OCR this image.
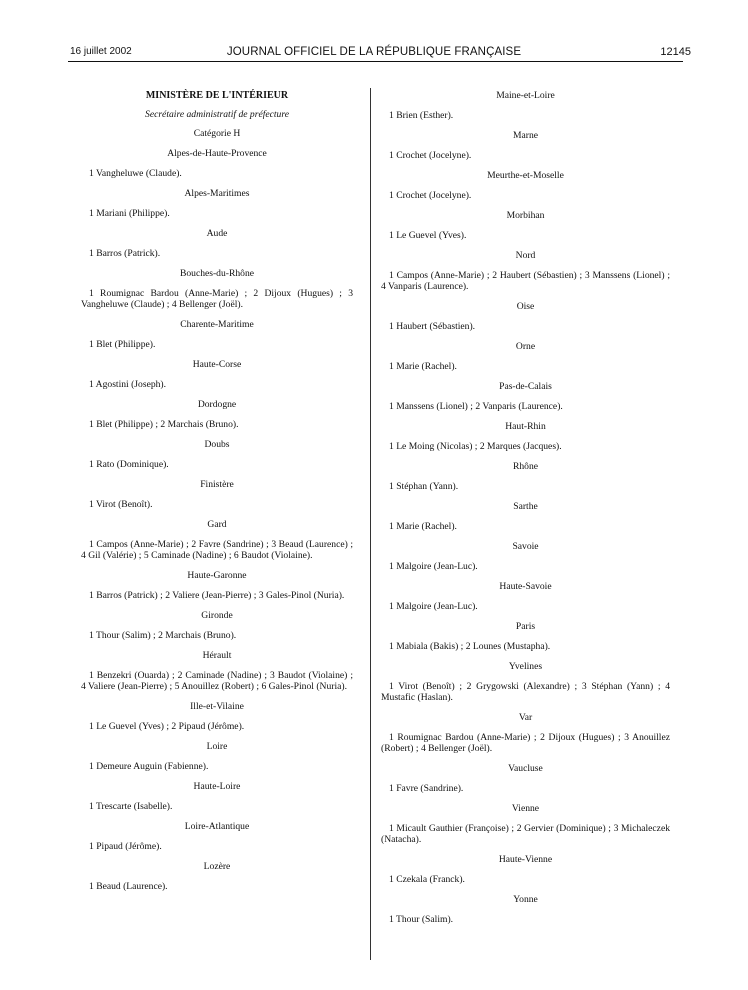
16 juillet 2002	JOURNAL OFFICIEL DE LA RÉPUBLIQUE FRANÇAISE	12145
MINISTÈRE DE L'INTÉRIEUR
Secrétaire administratif de préfecture
Catégorie H
Alpes-de-Haute-Provence
1 Vangheluwe (Claude).
Alpes-Maritimes
1 Mariani (Philippe).
Aude
1 Barros (Patrick).
Bouches-du-Rhône
1 Roumignac Bardou (Anne-Marie) ; 2 Dijoux (Hugues) ; 3 Vangheluwe (Claude) ; 4 Bellenger (Joël).
Charente-Maritime
1 Blet (Philippe).
Haute-Corse
1 Agostini (Joseph).
Dordogne
1 Blet (Philippe) ; 2 Marchais (Bruno).
Doubs
1 Rato (Dominique).
Finistère
1 Virot (Benoît).
Gard
1 Campos (Anne-Marie) ; 2 Favre (Sandrine) ; 3 Beaud (Laurence) ; 4 Gil (Valérie) ; 5 Caminade (Nadine) ; 6 Baudot (Violaine).
Haute-Garonne
1 Barros (Patrick) ; 2 Valiere (Jean-Pierre) ; 3 Gales-Pinol (Nuria).
Gironde
1 Thour (Salim) ; 2 Marchais (Bruno).
Hérault
1 Benzekri (Ouarda) ; 2 Caminade (Nadine) ; 3 Baudot (Violaine) ; 4 Valiere (Jean-Pierre) ; 5 Anouillez (Robert) ; 6 Gales-Pinol (Nuria).
Ille-et-Vilaine
1 Le Guevel (Yves) ; 2 Pipaud (Jérôme).
Loire
1 Demeure Auguin (Fabienne).
Haute-Loire
1 Trescarte (Isabelle).
Loire-Atlantique
1 Pipaud (Jérôme).
Lozère
1 Beaud (Laurence).
Maine-et-Loire
1 Brien (Esther).
Marne
1 Crochet (Jocelyne).
Meurthe-et-Moselle
1 Crochet (Jocelyne).
Morbihan
1 Le Guevel (Yves).
Nord
1 Campos (Anne-Marie) ; 2 Haubert (Sébastien) ; 3 Manssens (Lionel) ; 4 Vanparis (Laurence).
Oise
1 Haubert (Sébastien).
Orne
1 Marie (Rachel).
Pas-de-Calais
1 Manssens (Lionel) ; 2 Vanparis (Laurence).
Haut-Rhin
1 Le Moing (Nicolas) ; 2 Marques (Jacques).
Rhône
1 Stéphan (Yann).
Sarthe
1 Marie (Rachel).
Savoie
1 Malgoire (Jean-Luc).
Haute-Savoie
1 Malgoire (Jean-Luc).
Paris
1 Mabiala (Bakis) ; 2 Lounes (Mustapha).
Yvelines
1 Virot (Benoît) ; 2 Grygowski (Alexandre) ; 3 Stéphan (Yann) ; 4 Mustafic (Haslan).
Var
1 Roumignac Bardou (Anne-Marie) ; 2 Dijoux (Hugues) ; 3 Anouillez (Robert) ; 4 Bellenger (Joël).
Vaucluse
1 Favre (Sandrine).
Vienne
1 Micault Gauthier (Françoise) ; 2 Gervier (Dominique) ; 3 Michaleczek (Natacha).
Haute-Vienne
1 Czekala (Franck).
Yonne
1 Thour (Salim).
